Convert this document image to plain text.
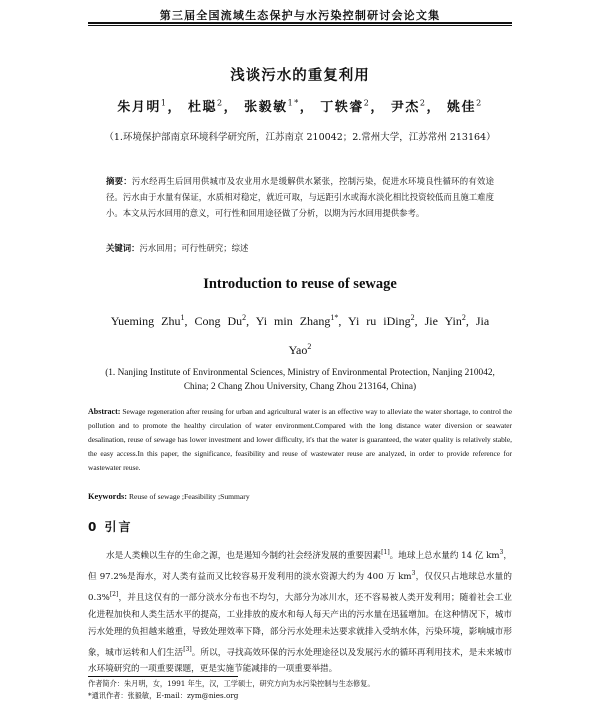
第三届全国流域生态保护与水污染控制研讨会论文集
浅谈污水的重复利用
朱月明$^1$， 杜聪$^2$， 张毅敏$^{1*}$， 丁轶睿$^2$， 尹杰$^2$， 姚佳$^2$
（1.环境保护部南京环境科学研究所，江苏南京 210042；2.常州大学，江苏常州 213164）
摘要：污水经再生后回用供城市及农业用水是缓解供水紧张，控制污染，促进水环境良性循环的有效途径。污水由于水量有保证，水质相对稳定，就近可取，与远距引水或海水淡化相比投资较低而且施工难度小。本文从污水回用的意义，可行性和回用途径做了分析，以期为污水回用提供参考。
关键词：污水回用；可行性研究；综述
Introduction to reuse of sewage
Yueming Zhu$^1$, Cong Du$^2$, Yi min Zhang$^{1*}$, Yi ru iDing$^2$, Jie Yin$^2$, Jia Yao$^2$
(1. Nanjing Institute of Environmental Sciences, Ministry of Environmental Protection, Nanjing 210042, China; 2 Chang Zhou University, Chang Zhou 213164, China)
Abstract: Sewage regeneration after reusing for urban and agricultural water is an effective way to alleviate the water shortage, to control the pollution and to promote the healthy circulation of water environment.Compared with the long distance water diversion or seawater desalination, reuse of sewage has lower investment and lower difficulty, it's that the water is guaranteed, the water quality is relatively stable, the easy access.In this paper, the significance, feasibility and reuse of wastewater reuse are analyzed, in order to provide reference for wastewater reuse.
Keywords: Reuse of sewage ;Feasibility ;Summary
0 引言
水是人类赖以生存的生命之源，也是遏知今制约社会经济发展的重要因素[1]。地球上总水量约 14 亿 $km^3$，但 97.2%是海水，对人类有益而又比较容易开发利用的淡水资源大约为 400 万 $km^3$，仅仅只占地球总水量的 0.3%[2]，并且这仅有的一部分淡水分布也不均匀，大部分为冰川水，还不容易被人类开发利用；随着社会工业化进程加快和人类生活水平的提高，工业排放的废水和每人每天产出的污水量在迅猛增加。在这种情况下，城市污水处理的负担越来越重，导致处理效率下降，部分污水处理未达要求就排入受纳水体，污染环境，影响城市形象，城市运转和人们生活[3]。所以，寻找高效环保的污水处理途径以及发展污水的循环再利用技术，是未来城市水环境研究的一项重要课题，更是实施节能减排的一项重要举措。
作者简介：朱月明，女，1991 年生，汉，工学硕士，研究方向为水污染控制与生态修复。
*通讯作者：张毅敏，E-mail：zym@nies.org
